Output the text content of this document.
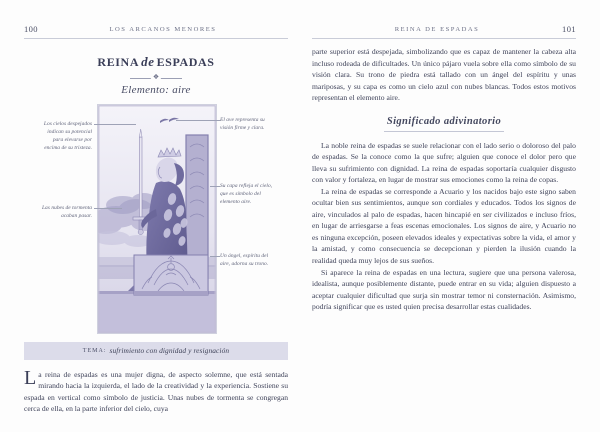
100	LOS ARCANOS MENORES	REINA DE ESPADAS	101
reina de espadas
❖
Elemento: aire
Los cielos despejados indican su potencial para elevarse por encima de su tristeza.
Las nubes de tormenta acaban pasar.
El ave representa su visión firme y clara.
Su capa refleja el cielo, que es símbolo del elemento aire.
Un ángel, espíritu del aire, adorna su trono.
TEMA: sufrimiento con dignidad y resignación
La reina de espadas es una mujer digna, de aspecto solemne, que está sentada mirando hacia la izquierda, el lado de la creatividad y la experiencia. Sostiene su espada en vertical como símbolo de justicia. Unas nubes de tormenta se congregan cerca de ella, en la parte inferior del cielo, cuya

parte superior está despejada, simbolizando que es capaz de mantener la cabeza alta incluso rodeada de dificultades. Un único pájaro vuela sobre ella como símbolo de su visión clara. Su trono de piedra está tallado con un ángel del espíritu y unas mariposas, y su capa es como un cielo azul con nubes blancas. Todos estos motivos representan el elemento aire.

Significado adivinatorio

La noble reina de espadas se suele relacionar con el lado serio o doloroso del palo de espadas. Se la conoce como la que sufre; alguien que conoce el dolor pero que lleva su sufrimiento con dignidad. La reina de espadas soportaría cualquier disgusto con valor y fortaleza, en lugar de mostrar sus emociones como la reina de copas.

La reina de espadas se corresponde a Acuario y los nacidos bajo este signo saben ocultar bien sus sentimientos, aunque son cordiales y educados. Todos los signos de aire, vinculados al palo de espadas, hacen hincapié en ser civilizados e incluso fríos, en lugar de arriesgarse a feas escenas emocionales. Los signos de aire, y Acuario no es ninguna excepción, poseen elevados ideales y expectativas sobre la vida, el amor y la amistad, y como consecuencia se decepcionan y pierden la ilusión cuando la realidad queda muy lejos de sus sueños.

Si aparece la reina de espadas en una lectura, sugiere que una persona valerosa, idealista, aunque posiblemente distante, puede entrar en su vida; alguien dispuesto a aceptar cualquier dificultad que surja sin mostrar temor ni consternación. Asimismo, podría significar que es usted quien precisa desarrollar estas cualidades.
